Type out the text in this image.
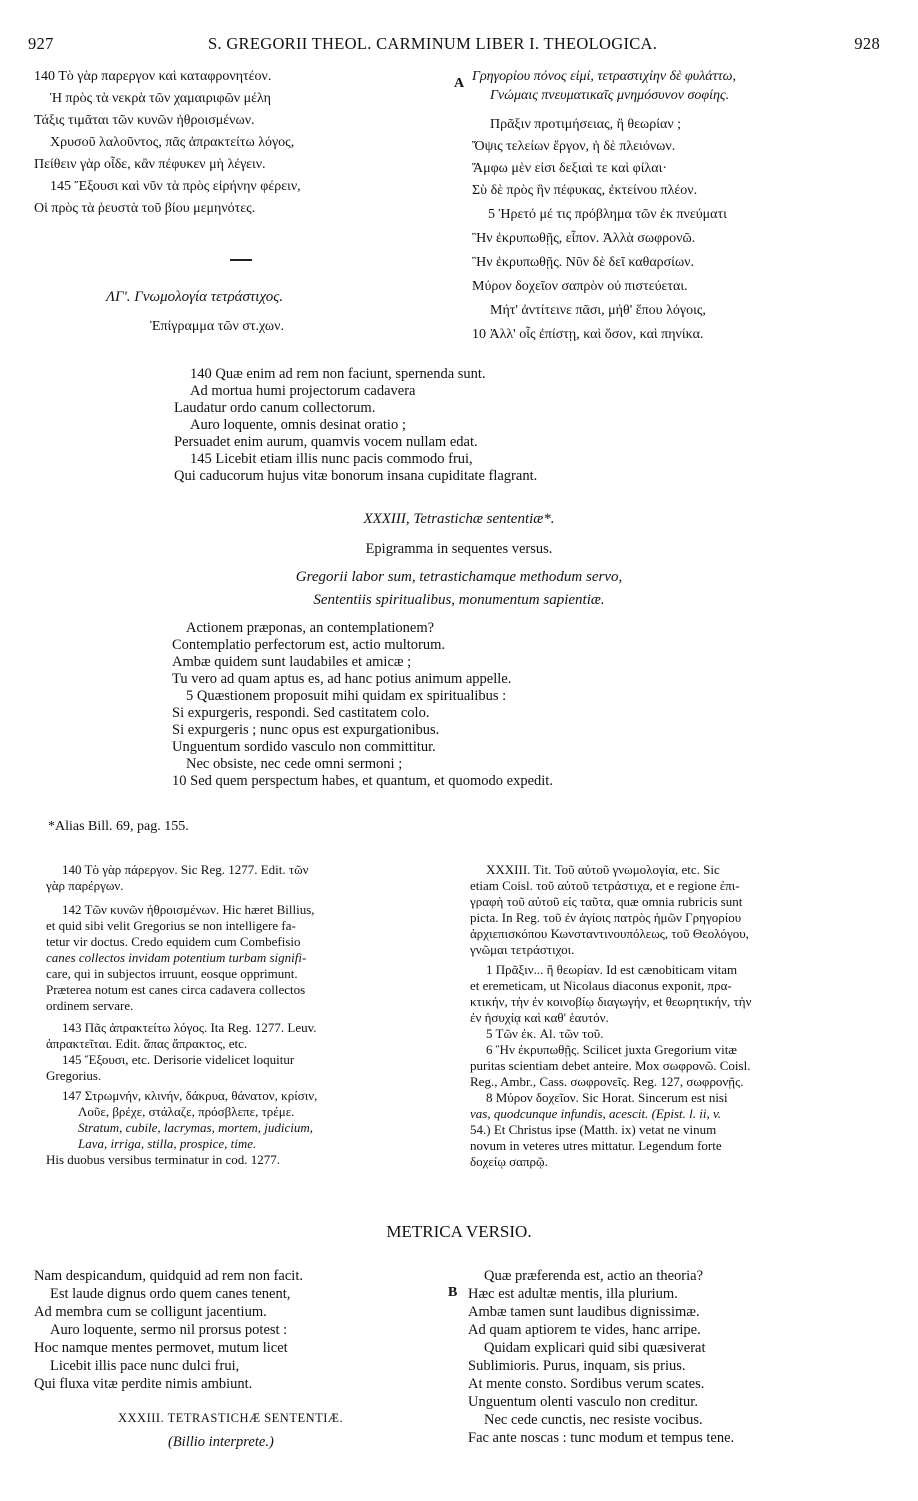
927	S. GREGORII THEOL. CARMINUM LIBER I. THEOLOGICA.	928
140 Τὸ γὰρ παρεργον καὶ καταφρονητέον.
Ἡ πρὸς τὰ νεκρὰ τῶν χαμαιριφῶν μέλη
Τάξις τιμᾶται τῶν κυνῶν ἠθροισμένων.
Χρυσοῦ λαλοῦντος, πᾶς ἀπρακτείτω λόγος,
Πείθειν γὰρ οἶδε, κἂν πέφυκεν μὴ λέγειν.
145 Ἔξουσι καὶ νῦν τὰ πρὸς εἰρήνην φέρειν,
Οἱ πρὸς τὰ ῥευστὰ τοῦ βίου μεμηνότες.
ΛΓ'. Γνωμολογία τετράστιχος.
Ἐπίγραμμα τῶν στ.χων.
A Γρηγορίου πόνος εἰμί, τετραστιχίην δὲ φυλάττω,
Γνώμαις πνευματικαῖς μνημόσυνον σοφίης.
Πρᾶξιν προτιμήσειας, ἢ θεωρίαν ;
Ὄψις τελείων ἔργον, ἡ δὲ πλειόνων.
Ἄμφω μὲν εἰσι δεξιαὶ τε καὶ φίλαι·
Σὺ δὲ πρὸς ἣν πέφυκας, ἐκτείνου πλέον.
5 Ἠρετό μέ τις πρόβλημα τῶν ἐκ πνεύματι
Ἢν ἐκρυπωθῇς, εἶπον. Ἀλλὰ σωφρονῶ.
Ἢν ἐκρυπωθῇς. Νῦν δὲ δεῖ καθαρσίων.
Μύρον δοχεῖον σαπρὸν οὐ πιστεύεται.
Μήτ' ἀντίτεινε πᾶσι, μήθ' ἕπου λόγοις,
10 Ἀλλ' οἷς ἐπίστῃ, καὶ ὅσον, καὶ πηνίκα.
140 Quæ enim ad rem non faciunt, spernenda sunt.
Ad mortua humi projectorum cadavera
Laudatur ordo canum collectorum.
Auro loquente, omnis desinat oratio ;
Persuadet enim aurum, quamvis vocem nullam edat.
145 Licebit etiam illis nunc pacis commodo frui,
Qui caducorum hujus vitæ bonorum insana cupiditate flagrant.
XXXIII, Tetrastichæ sententiæ*.
Epigramma in sequentes versus.
Gregorii labor sum, tetrastichamque methodum servo,
Sententiis spiritualibus, monumentum sapientiæ.
Actionem præponas, an contemplationem?
Contemplatio perfectorum est, actio multorum.
Ambæ quidem sunt laudabiles et amicæ ;
Tu vero ad quam aptus es, ad hanc potius animum appelle.
5 Quæstionem proposuit mihi quidam ex spiritualibus :
Si expurgeris, respondi. Sed castitatem colo.
Si expurgeris ; nunc opus est expurgationibus.
Unguentum sordido vasculo non committitur.
Nec obsiste, nec cede omni sermoni ;
10 Sed quem perspectum habes, et quantum, et quomodo expedit.
*Alias Bill. 69, pag. 155.
140 Τὸ γὰρ πάρεργον. Sic Reg. 1277. Edit. τῶν
γὰρ παρέργων.
142 Τῶν κυνῶν ἠθροισμένων. Hic hæret Billius,
et quid sibi velit Gregorius se non intelligere fa-
tetur vir doctus. Credo equidem cum Combefisio
canes collectos invidam potentium turbam signifi-
care, qui in subjectos irruunt, eosque opprimunt.
Præterea notum est canes circa cadavera collectos
ordinem servare.
143 Πᾶς ἀπρακτείτω λόγος. Ita Reg. 1277. Leuv.
ἀπρακτεῖται. Edit. ἅπας ἄπρακτος, etc.
145 Ἔξουσι, etc. Derisorie videlicet loquitur
Gregorius.
147 Στρωμνήν, κλινήν, δάκρυα, θάνατον, κρίσιν,
Λοῦε, βρέχε, στάλαζε, πρόσβλεπε, τρέμε.
Stratum, cubile, lacrymas, mortem, judicium,
Lava, irriga, stilla, prospice, time.
His duobus versibus terminatur in cod. 1277.
XXXIII. Tit. Τοῦ αὐτοῦ γνωμολογία, etc. Sic
etiam Coisl. τοῦ αὐτοῦ τετράστιχα, et e regione ἐπι-
γραφὴ τοῦ αὐτοῦ εἰς ταῦτα, quæ omnia rubricis sunt
picta. In Reg. τοῦ ἐν ἁγίοις πατρὸς ἡμῶν Γρηγορίου
ἀρχιεπισκόπου Κωνσταντινουπόλεως, τοῦ Θεολόγου,
γνῶμαι τετράστιχοι.
1 Πρᾶξιν... ἢ θεωρίαν. Id est cænobiticam vitam
et eremeticam, ut Nicolaus diaconus exponit, πρα-
κτικήν, τὴν ἐν κοινοβίῳ διαγωγήν, et θεωρητικήν, τὴν
ἐν ἡσυχίᾳ καὶ καθ' ἑαυτόν.
5 Τῶν ἐκ. Al. τῶν τοῦ.
6 Ἢν ἐκρυπωθῇς. Scilicet juxta Gregorium vitæ
puritas scientiam debet anteire. Mox σωφρονῶ. Coisl.
Reg., Ambr., Cass. σωφρονεῖς. Reg. 127, σωφρονῇς.
8 Μύρον δοχεῖον. Sic Horat. Sincerum est nisi
vas, quodcunque infundis, acescit. (Epist. l. ii, v.
54.) Et Christus ipse (Matth. ix) vetat ne vinum
novum in veteres utres mittatur. Legendum forte
δοχείῳ σαπρῷ.
METRICA VERSIO.
Nam despicandum, quidquid ad rem non facit.
Est laude dignus ordo quem canes tenent,
Ad membra cum se colligunt jacentium.
Auro loquente, sermo nil prorsus potest :
Hoc namque mentes permovet, mutum licet
Licebit illis pace nunc dulci frui,
Qui fluxa vitæ perdite nimis ambiunt.
XXXIII. TETRASTICHÆ SENTENTIÆ.
(Billio interprete.)
B
Quæ præferenda est, actio an theoria?
Hæc est adultæ mentis, illa plurium.
Ambæ tamen sunt laudibus dignissimæ.
Ad quam aptiorem te vides, hanc arripe.
Quidam explicari quid sibi quæsiverat
Sublimioris. Purus, inquam, sis prius.
At mente consto. Sordibus verum scates.
Unguentum olenti vasculo non creditur.
Nec cede cunctis, nec resiste vocibus.
Fac ante noscas : tunc modum et tempus tene.
